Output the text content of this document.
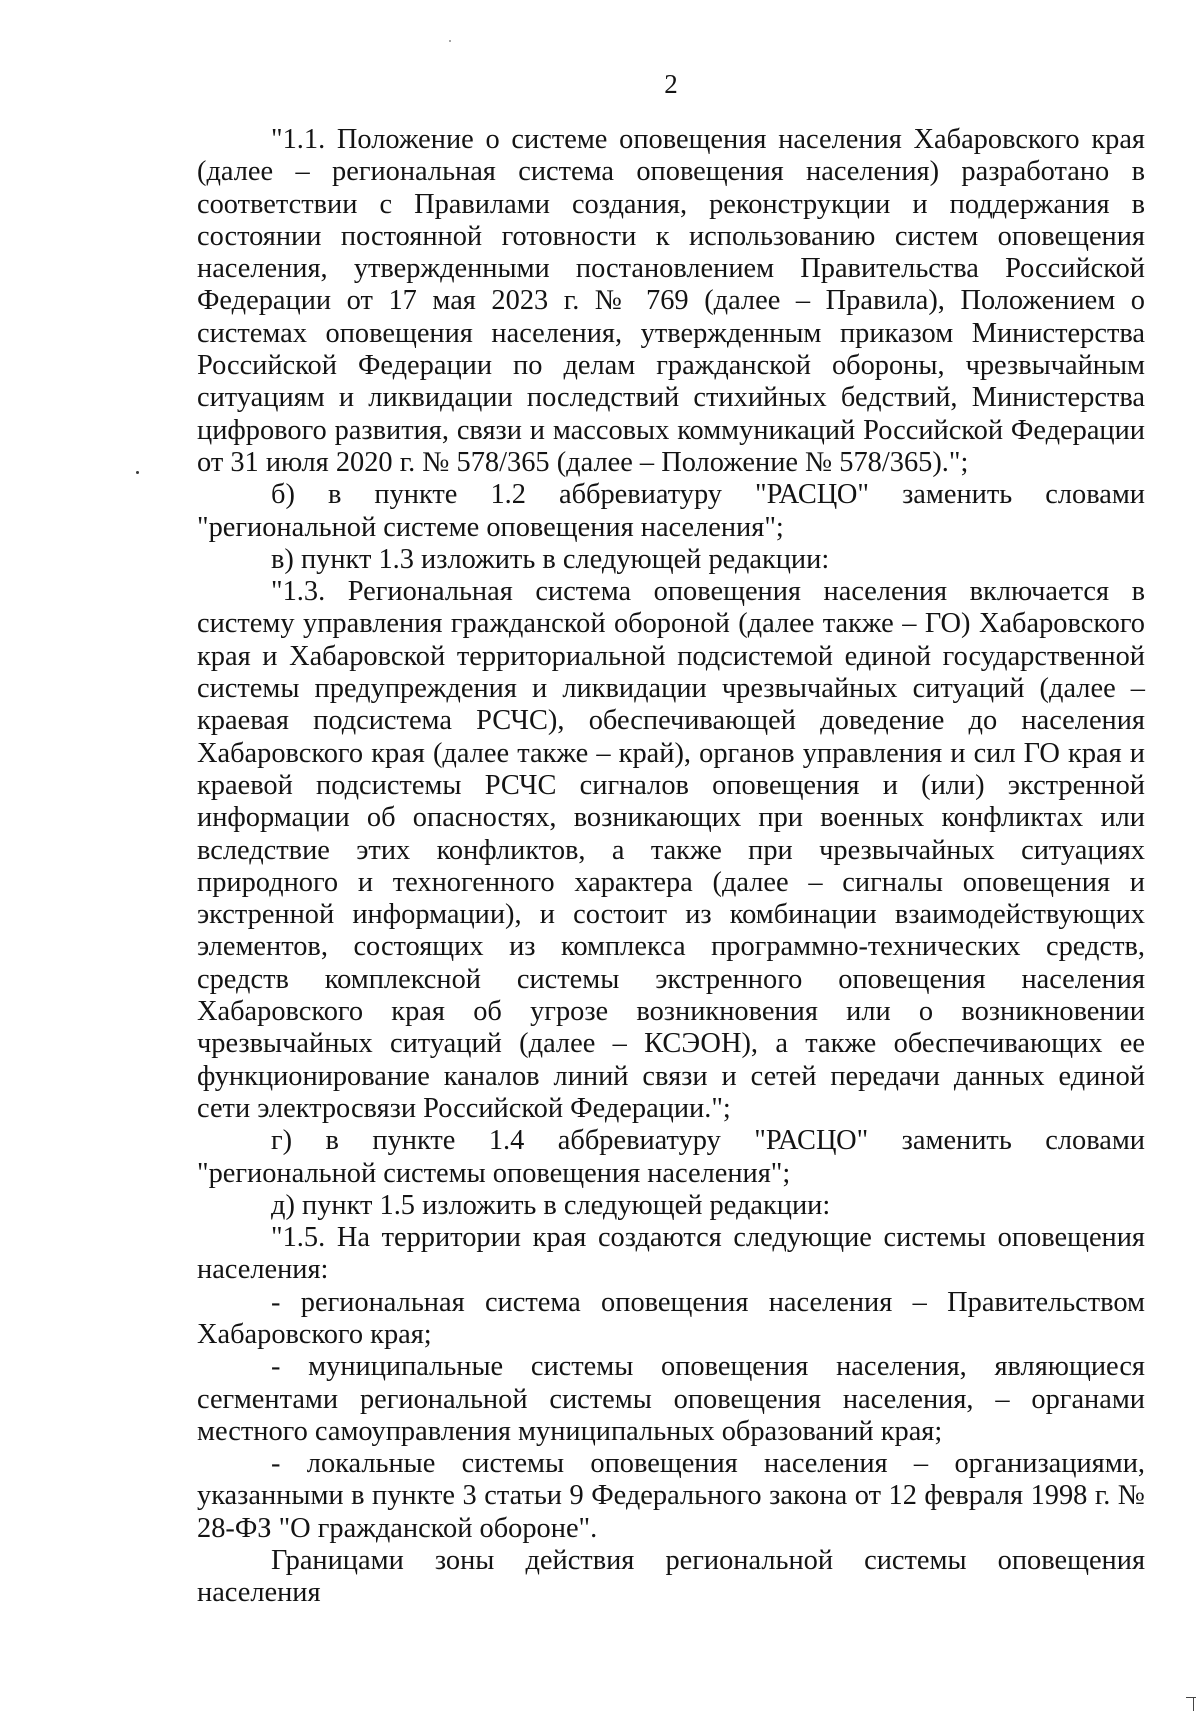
2

"1.1. Положение о системе оповещения населения Хабаровского края (далее – региональная система оповещения населения) разработано в соответствии с Правилами создания, реконструкции и поддержания в состоянии постоянной готовности к использованию систем оповещения населения, утвержденными постановлением Правительства Российской Федерации от 17 мая 2023 г. № 769 (далее – Правила), Положением о системах оповещения населения, утвержденным приказом Министерства Российской Федерации по делам гражданской обороны, чрезвычайным ситуациям и ликвидации последствий стихийных бедствий, Министерства цифрового развития, связи и массовых коммуникаций Российской Федерации от 31 июля 2020 г. № 578/365 (далее – Положение № 578/365).";

б) в пункте 1.2 аббревиатуру "РАСЦО" заменить словами "региональной системе оповещения населения";

в) пункт 1.3 изложить в следующей редакции:

"1.3. Региональная система оповещения населения включается в систему управления гражданской обороной (далее также – ГО) Хабаровского края и Хабаровской территориальной подсистемой единой государственной системы предупреждения и ликвидации чрезвычайных ситуаций (далее – краевая подсистема РСЧС), обеспечивающей доведение до населения Хабаровского края (далее также – край), органов управления и сил ГО края и краевой подсистемы РСЧС сигналов оповещения и (или) экстренной информации об опасностях, возникающих при военных конфликтах или вследствие этих конфликтов, а также при чрезвычайных ситуациях природного и техногенного характера (далее – сигналы оповещения и экстренной информации), и состоит из комбинации взаимодействующих элементов, состоящих из комплекса программно-технических средств, средств комплексной системы экстренного оповещения населения Хабаровского края об угрозе возникновения или о возникновении чрезвычайных ситуаций (далее – КСЭОН), а также обеспечивающих ее функционирование каналов линий связи и сетей передачи данных единой сети электросвязи Российской Федерации.";

г) в пункте 1.4 аббревиатуру "РАСЦО" заменить словами "региональной системы оповещения населения";

д) пункт 1.5 изложить в следующей редакции:

"1.5. На территории края создаются следующие системы оповещения населения:

- региональная система оповещения населения – Правительством Хабаровского края;

- муниципальные системы оповещения населения, являющиеся сегментами региональной системы оповещения населения, – органами местного самоуправления муниципальных образований края;

- локальные системы оповещения населения – организациями, указанными в пункте 3 статьи 9 Федерального закона от 12 февраля 1998 г. № 28-ФЗ "О гражданской обороне".

Границами зоны действия региональной системы оповещения населения
